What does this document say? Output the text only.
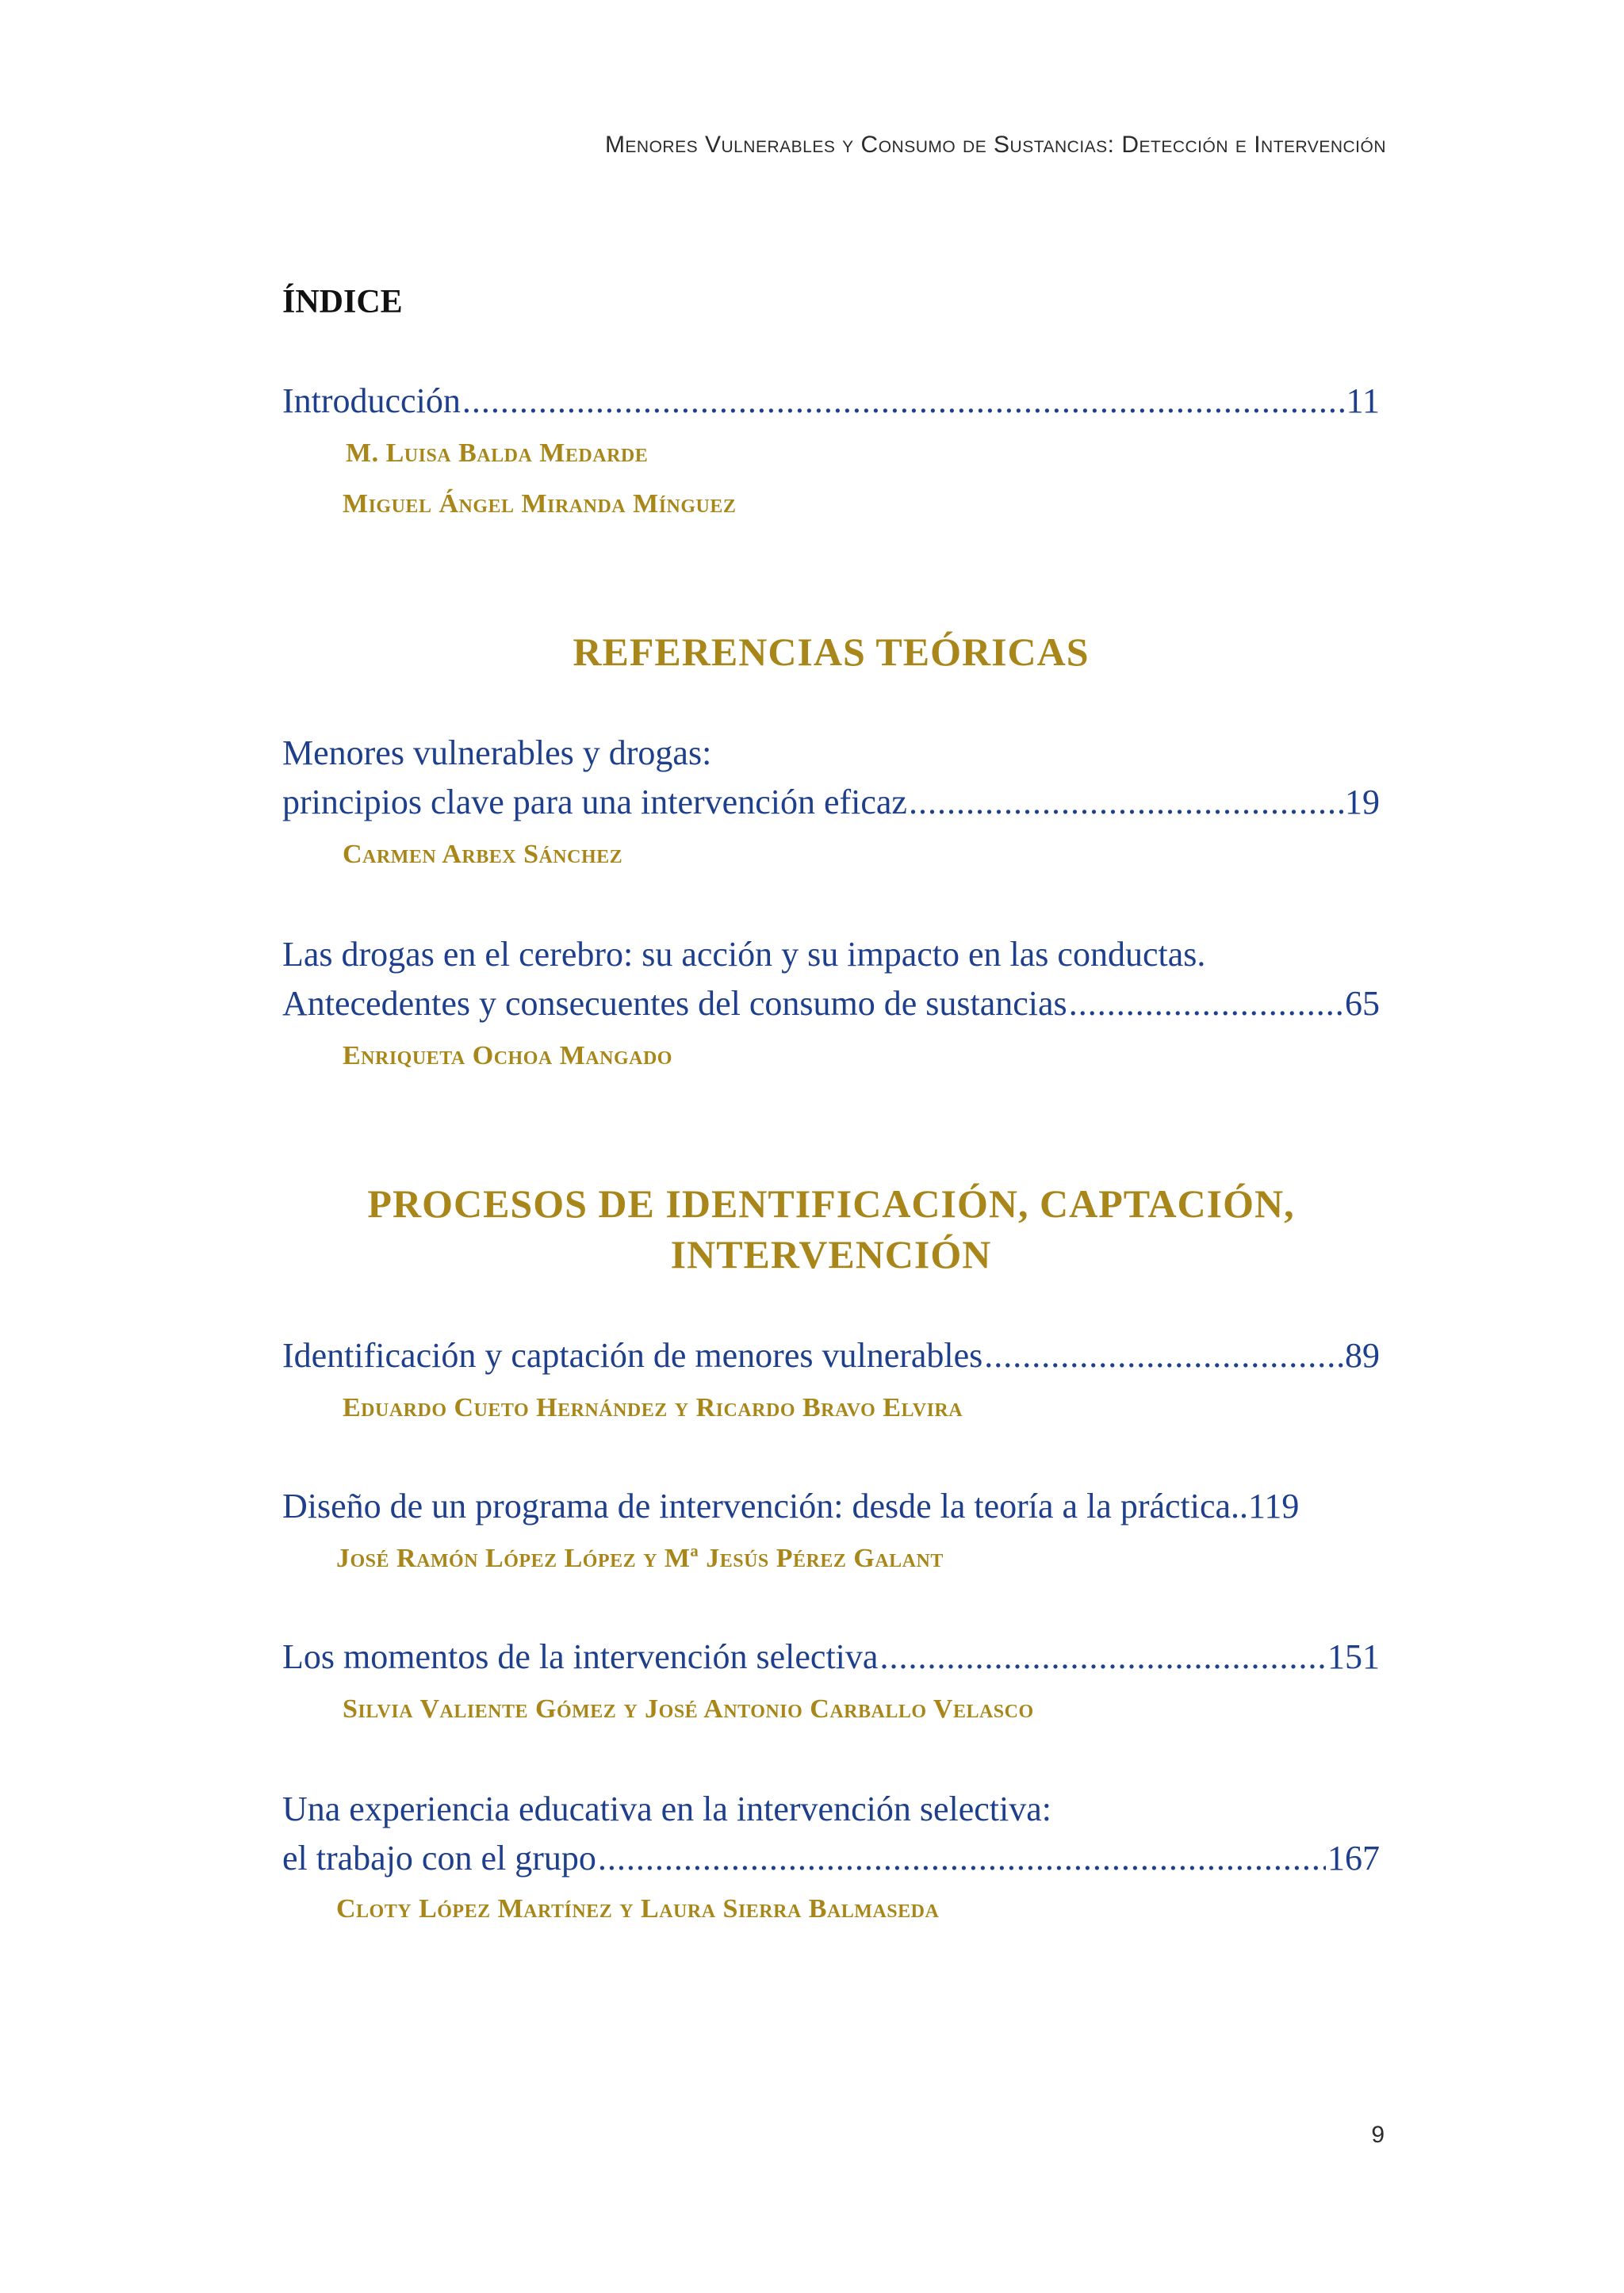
Menores Vulnerables y Consumo de Sustancias: Detección e Intervención
ÍNDICE
Introducción .....	11
M. Luisa Balda Medarde
Miguel Ángel Miranda Mínguez
REFERENCIAS TEÓRICAS
Menores vulnerables y drogas:
principios clave para una intervención eficaz .....	19
Carmen Arbex Sánchez
Las drogas en el cerebro: su acción y su impacto en las conductas.
Antecedentes y consecuentes del consumo de sustancias .....	65
Enriqueta Ochoa Mangado
PROCESOS DE IDENTIFICACIÓN, CAPTACIÓN,
INTERVENCIÓN
Identificación y captación de menores vulnerables .....	89
Eduardo Cueto Hernández y Ricardo Bravo Elvira
Diseño de un programa de intervención: desde la teoría a la práctica.. 119
José Ramón López López y Mª Jesús Pérez Galant
Los momentos de la intervención selectiva .....	151
Silvia Valiente Gómez y José Antonio Carballo Velasco
Una experiencia educativa en la intervención selectiva:
el trabajo con el grupo .....	167
Cloty López Martínez y Laura Sierra Balmaseda
9
